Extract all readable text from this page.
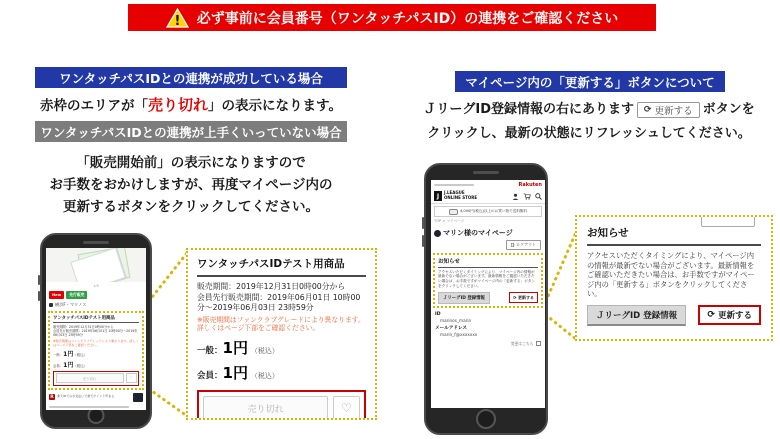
! 必ず事前に会員番号（ワンタッチパスID）の連携をご確認ください
ワンタッチパスIDとの連携が成功している場合
赤枠のエリアが「売り切れ」の表示になります。
ワンタッチパスIDとの連携が上手くいっていない場合
「販売開始前」の表示になりますので
お手数をおかけしますが、再度マイページ内の
更新するボタンをクリックしてください。
1/5
New	先行販売
横浜F・マリノス
ワンタッチパスIDテスト用商品
販売期間：2019年12月31日0時00分から
会員先行販売期間：2019年06月01日 10時00分～2019年06月03日 23時59分
※販売期間はファンクラブグレードにより異なります。詳しくはページ下部をご確認ください。
一般：1円（税込）
会員：1円（税込）
売り切れ	♡
R	楽天IDでのお支払いで楽天ポイント貯まる
ワンタッチパスIDテスト用商品
販売期間：2019年12月31日0時00分から
会員先行販売期間：2019年06月01日 10時00分～2019年06月03日 23時59分
※販売期間はファンクラブグレードにより異なります。詳しくはページ下部をご確認ください。
一般：1円 （税込）
会員：1円 （税込）
売り切れ	♡
マイページ内の「更新する」ボタンについて
ＪリーグID登録情報の右にあります ⟳ 更新する ボタンを
クリックし、最新の状態にリフレッシュしてください。
Rakuten
J	J.LEAGUE
ONLINE STORE
4,000円(税込)以上のお買い物で送料無料
TOP > マイページ
マリン様のマイページ
ログアウト
お知らせ
アクセスいただくタイミングにより、マイページ内の情報が最新でない場合がございます。最新情報をご確認いただきたい場合は、お手数ですがマイページ内の「更新する」ボタンをクリックしてください。
ＪリーグID 登録情報	⟳ 更新する
ID
marinos_marin
メールアドレス
marin_f@xxxxxxx
変更はこちら
お知らせ
アクセスいただくタイミングにより、マイページ内の情報が最新でない場合がございます。最新情報をご確認いただきたい場合は、お手数ですがマイページ内の「更新する」ボタンをクリックしてください。
ＪリーグID 登録情報	⟳ 更新する
